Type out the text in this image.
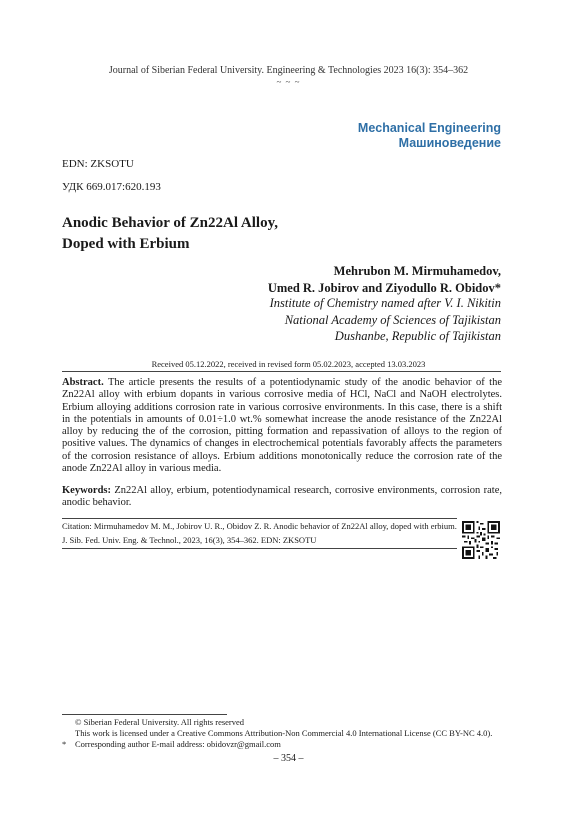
Journal of Siberian Federal University. Engineering & Technologies 2023 16(3): 354–362
~ ~ ~
Mechanical Engineering
Машиноведение
EDN: ZKSOTU
УДК 669.017:620.193
Anodic Behavior of Zn22Al Alloy,
Doped with Erbium
Mehrubon M. Mirmuhamedov,
Umed R. Jobirov and Ziyodullo R. Obidov*
Institute of Chemistry named after V. I. Nikitin
National Academy of Sciences of Tajikistan
Dushanbe, Republic of Tajikistan
Received 05.12.2022, received in revised form 05.02.2023, accepted 13.03.2023
Abstract. The article presents the results of a potentiodynamic study of the anodic behavior of the Zn22Al alloy with erbium dopants in various corrosive media of HCl, NaCl and NaOH electrolytes. Erbium alloying additions corrosion rate in various corrosive environments. In this case, there is a shift in the potentials in amounts of 0.01÷1.0 wt.% somewhat increase the anode resistance of the Zn22Al alloy by reducing the of the corrosion, pitting formation and repassivation of alloys to the region of positive values. The dynamics of changes in electrochemical potentials favorably affects the parameters of the corrosion resistance of alloys. Erbium additions monotonically reduce the corrosion rate of the anode Zn22Al alloy in various media.
Keywords: Zn22Al alloy, erbium, potentiodynamical research, corrosive environments, corrosion rate, anodic behavior.
Citation: Mirmuhamedov M. M., Jobirov U. R., Obidov Z. R. Anodic behavior of Zn22Al alloy, doped with erbium.
J. Sib. Fed. Univ. Eng. & Technol., 2023, 16(3), 354–362. EDN: ZKSOTU
© Siberian Federal University. All rights reserved
This work is licensed under a Creative Commons Attribution-Non Commercial 4.0 International License (CC BY-NC 4.0).
* Corresponding author E-mail address: obidovzr@gmail.com
– 354 –
